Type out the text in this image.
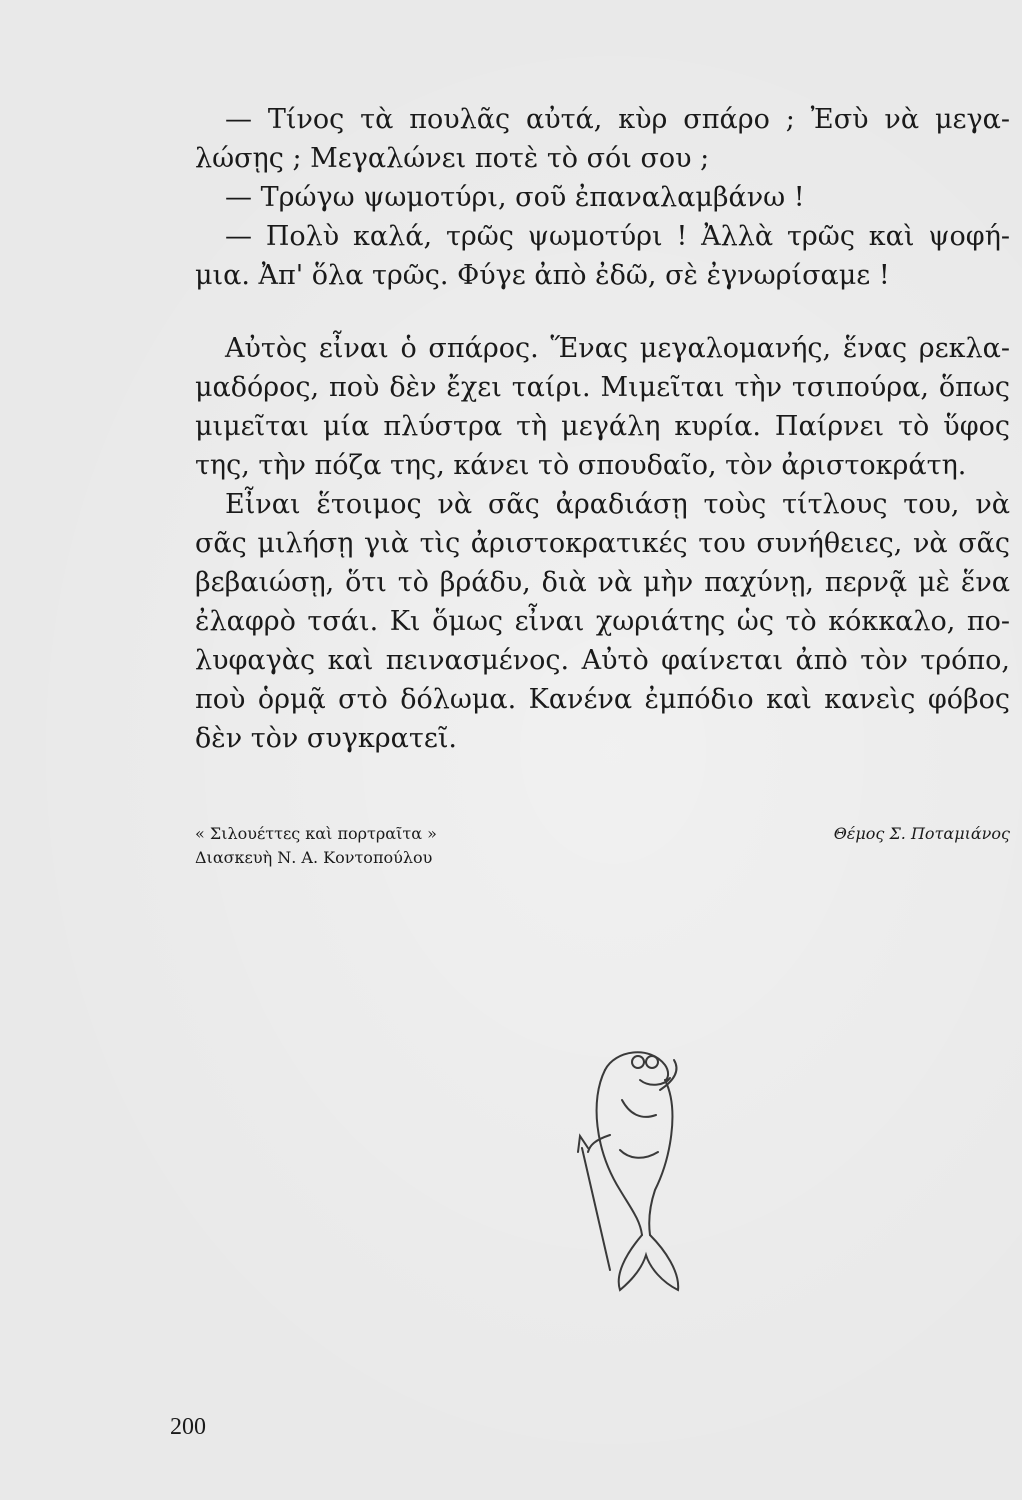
— Τίνος τὰ πουλᾶς αὐτά, κὺρ σπάρο ; Ἐσὺ νὰ μεγα-
λώσῃς ; Μεγαλώνει ποτὲ τὸ σόι σου ;
— Τρώγω ψωμοτύρι, σοῦ ἐπαναλαμβάνω !
— Πολὺ καλά, τρῶς ψωμοτύρι ! Ἀλλὰ τρῶς καὶ ψοφή-
μια. Ἀπ' ὅλα τρῶς. Φύγε ἀπὸ ἐδῶ, σὲ ἐγνωρίσαμε !
Αὐτὸς εἶναι ὁ σπάρος. Ἕνας μεγαλομανής, ἕνας ρεκλα-
μαδόρος, ποὺ δὲν ἔχει ταίρι. Μιμεῖται τὴν τσιπούρα, ὅπως
μιμεῖται μία πλύστρα τὴ μεγάλη κυρία. Παίρνει τὸ ὕφος
της, τὴν πόζα της, κάνει τὸ σπουδαῖο, τὸν ἀριστοκράτη.
Εἶναι ἕτοιμος νὰ σᾶς ἀραδιάσῃ τοὺς τίτλους του, νὰ
σᾶς μιλήσῃ γιὰ τὶς ἀριστοκρατικές του συνήθειες, νὰ σᾶς
βεβαιώσῃ, ὅτι τὸ βράδυ, διὰ νὰ μὴν παχύνῃ, περνᾷ μὲ ἕνα
ἐλαφρὸ τσάι. Κι ὅμως εἶναι χωριάτης ὡς τὸ κόκκαλο, πο-
λυφαγὰς καὶ πεινασμένος. Αὐτὸ φαίνεται ἀπὸ τὸν τρόπο,
ποὺ ὁρμᾷ στὸ δόλωμα. Κανένα ἐμπόδιο καὶ κανεὶς φόβος
δὲν τὸν συγκρατεῖ.
« Σιλουέττες καὶ πορτραῖτα »
Διασκευὴ Ν. Α. Κοντοπούλου
Θέμος Σ. Ποταμιάνος
200
